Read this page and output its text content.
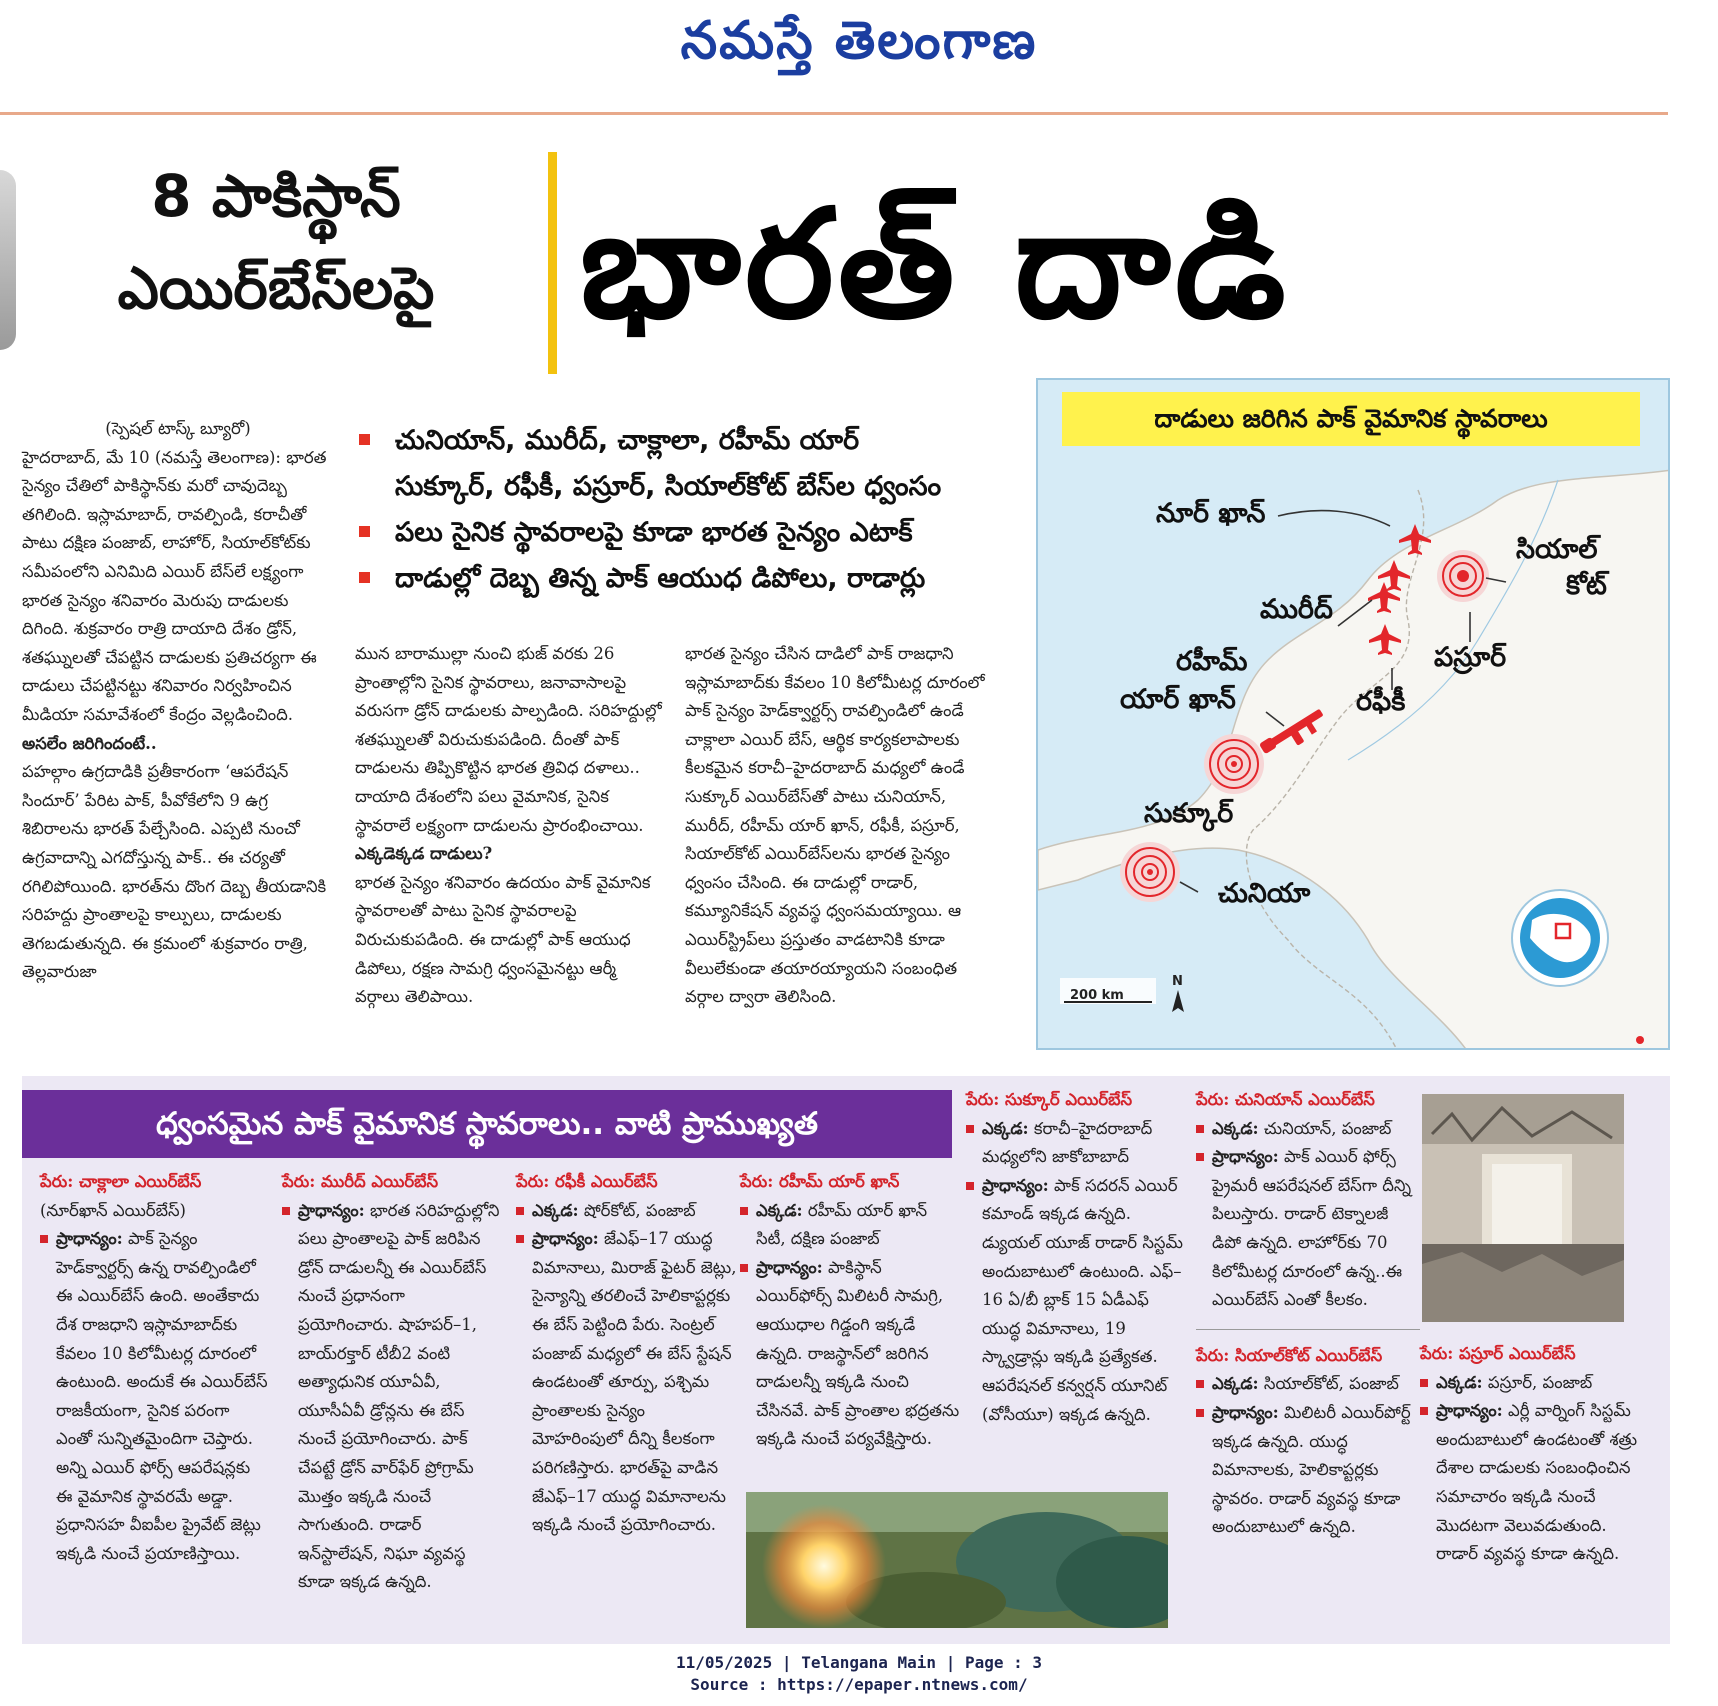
నమస్తే తెలంగాణ
8 పాకిస్థాన్
ఎయిర్‌బేస్‌లపై భారత్ దాడి
చునియాన్, మురీద్, చాక్లాలా, రహీమ్ యార్
సుక్కూర్, రఫీకీ, పస్రూర్, సియాల్‌కోట్ బేస్‌ల ధ్వంసం
పలు సైనిక స్థావరాలపై కూడా భారత సైన్యం ఎటాక్
దాడుల్లో దెబ్బ తిన్న పాక్ ఆయుధ డిపోలు, రాడార్లు

(స్పెషల్ టాస్క్ బ్యూరో)

హైదరాబాద్, మే 10 (నమస్తే తెలంగాణ): భారత సైన్యం చేతిలో పాకిస్థాన్‌కు మరో చావుదెబ్బ తగిలింది. ఇస్లామాబాద్, రావల్పిండి, కరాచీతో పాటు దక్షిణ పంజాబ్, లాహోర్, సియాల్‌కోట్‌కు సమీపంలోని ఎనిమిది ఎయిర్ బేస్‌లే లక్ష్యంగా భారత సైన్యం శనివారం మెరుపు దాడులకు దిగింది. శుక్రవారం రాత్రి దాయాది దేశం డ్రోన్, శతఘ్నులతో చేపట్టిన దాడులకు ప్రతిచర్యగా ఈ దాడులు చేపట్టినట్టు శనివారం నిర్వహించిన మీడియా సమావేశంలో కేంద్రం వెల్లడించింది.

అసలేం జరిగిందంటే..

పహల్గాం ఉగ్రదాడికి ప్రతీకారంగా ‘ఆపరేషన్ సిందూర్’ పేరిట పాక్, పీవోకేలోని 9 ఉగ్ర శిబిరాలను భారత్ పేల్చేసింది. ఎప్పటి నుంచో ఉగ్రవాదాన్ని ఎగదోస్తున్న పాక్.. ఈ చర్యతో రగిలిపోయింది. భారత్‌ను దొంగ దెబ్బ తీయడానికి సరిహద్దు ప్రాంతాలపై కాల్పులు, దాడులకు తెగబడుతున్నది. ఈ క్రమంలో శుక్రవారం రాత్రి, తెల్లవారుజా

మున బారాముల్లా నుంచి భుజ్ వరకు 26 ప్రాంతాల్లోని సైనిక స్థావరాలు, జనావాసాలపై వరుసగా డ్రోన్ దాడులకు పాల్పడింది. సరిహద్దుల్లో శతఘ్నులతో విరుచుకుపడింది. దీంతో పాక్ దాడులను తిప్పికొట్టిన భారత త్రివిధ దళాలు.. దాయాది దేశంలోని పలు వైమానిక, సైనిక స్థావరాలే లక్ష్యంగా దాడులను ప్రారంభించాయి.

ఎక్కడెక్కడ దాడులు?

భారత సైన్యం శనివారం ఉదయం పాక్ వైమానిక స్థావరాలతో పాటు సైనిక స్థావరాలపై విరుచుకుపడింది. ఈ దాడుల్లో పాక్ ఆయుధ డిపోలు, రక్షణ సామగ్రి ధ్వంసమైనట్టు ఆర్మీ వర్గాలు తెలిపాయి.

భారత సైన్యం చేసిన దాడిలో పాక్ రాజధాని ఇస్లామాబాద్‌కు కేవలం 10 కిలోమీటర్ల దూరంలో పాక్ సైన్యం హెడ్‌క్వార్టర్స్ రావల్పిండిలో ఉండే చాక్లాలా ఎయిర్ బేస్, ఆర్థిక కార్యకలాపాలకు కీలకమైన కరాచీ–హైదరాబాద్ మధ్యలో ఉండే సుక్కూర్ ఎయిర్‌బేస్‌తో పాటు చునియాన్, మురీద్, రహీమ్ యార్ ఖాన్, రఫీకీ, పస్రూర్, సియాల్‌కోట్ ఎయిర్‌బేస్‌లను భారత సైన్యం ధ్వంసం చేసింది. ఈ దాడుల్లో రాడార్, కమ్యూనికేషన్ వ్యవస్థ ధ్వంసమయ్యాయి. ఆ ఎయిర్‌స్ట్రిప్‌లు ప్రస్తుతం వాడటానికి కూడా వీలులేకుండా తయారయ్యాయని సంబంధిత వర్గాల ద్వారా తెలిసింది.

దాడులు జరిగిన పాక్ వైమానిక స్థావరాలు
నూర్ ఖాన్
మురీద్
సియాల్
కోట్
పస్రూర్
రఫీకీ
రహీమ్
యార్ ఖాన్
సుక్కూర్
చునియా
200 km
N
ధ్వంసమైన పాక్ వైమానిక స్థావరాలు.. వాటి ప్రాముఖ్యత
పేరు: చాక్లాలా ఎయిర్‌బేస్
(నూర్‌ఖాన్ ఎయిర్‌బేస్)
ప్రాధాన్యం: పాక్ సైన్యం హెడ్‌క్వార్టర్స్ ఉన్న రావల్పిండిలో ఈ ఎయిర్‌బేస్ ఉంది. అంతేకాదు దేశ రాజధాని ఇస్లామాబాద్‌కు కేవలం 10 కిలోమీటర్ల దూరంలో ఉంటుంది. అందుకే ఈ ఎయిర్‌బేస్ రాజకీయంగా, సైనిక పరంగా ఎంతో సున్నితమైందిగా చెప్తారు. అన్ని ఎయిర్ ఫోర్స్ ఆపరేషన్లకు ఈ వైమానిక స్థావరమే అడ్డా. ప్రధానిసహ వీఐపీల ప్రైవేట్ జెట్లు ఇక్కడి నుంచే ప్రయాణిస్తాయి.
పేరు: మురీద్ ఎయిర్‌బేస్
ప్రాధాన్యం: భారత సరిహద్దుల్లోని పలు ప్రాంతాలపై పాక్ జరిపిన డ్రోన్ దాడులన్నీ ఈ ఎయిర్‌బేస్ నుంచే ప్రధానంగా ప్రయోగించారు. షాహపర్–1, బాయ్‌రక్తార్ టీబీ2 వంటి అత్యాధునిక యూఏవీ, యూసీఏవీ డ్రోన్లను ఈ బేస్ నుంచే ప్రయోగించారు. పాక్ చేపట్టే డ్రోన్ వార్‌ఫేర్ ప్రోగ్రామ్ మొత్తం ఇక్కడి నుంచే సాగుతుంది. రాడార్ ఇన్‌స్టాలేషన్, నిఘా వ్యవస్థ కూడా ఇక్కడ ఉన్నది.
పేరు: రఫీకీ ఎయిర్‌బేస్
ఎక్కడ: షోర్‌కోట్, పంజాబ్
ప్రాధాన్యం: జేఎఫ్–17 యుద్ధ విమానాలు, మిరాజ్ ఫైటర్ జెట్లు, సైన్యాన్ని తరలించే హెలికాప్టర్లకు ఈ బేస్ పెట్టింది పేరు. సెంట్రల్ పంజాబ్ మధ్యలో ఈ బేస్ స్టేషన్ ఉండటంతో తూర్పు, పశ్చిమ ప్రాంతాలకు సైన్యం మోహరింపులో దీన్ని కీలకంగా పరిగణిస్తారు. భారత్‌పై వాడిన జేఎఫ్–17 యుద్ధ విమానాలను ఇక్కడి నుంచే ప్రయోగించారు.
పేరు: రహీమ్ యార్ ఖాన్
ఎక్కడ: రహీమ్ యార్ ఖాన్ సిటీ, దక్షిణ పంజాబ్
ప్రాధాన్యం: పాకిస్థాన్ ఎయిర్‌ఫోర్స్ మిలిటరీ సామగ్రి, ఆయుధాల గిడ్డంగి ఇక్కడే ఉన్నది. రాజస్థాన్‌లో జరిగిన దాడులన్నీ ఇక్కడి నుంచి చేసినవే. పాక్ ప్రాంతాల భద్రతను ఇక్కడి నుంచే పర్యవేక్షిస్తారు.
పేరు: సుక్కూర్ ఎయిర్‌బేస్
ఎక్కడ: కరాచీ–హైదరాబాద్ మధ్యలోని జాకోబాబాద్
ప్రాధాన్యం: పాక్ సదరన్ ఎయిర్ కమాండ్ ఇక్కడ ఉన్నది. డ్యుయల్ యూజ్ రాడార్ సిస్టమ్ అందుబాటులో ఉంటుంది. ఎఫ్–16 ఏ/బీ బ్లాక్ 15 ఏడీఎఫ్ యుద్ధ విమానాలు, 19 స్క్వాడ్రాన్లు ఇక్కడి ప్రత్యేకత. ఆపరేషనల్ కన్వర్షన్ యూనిట్ (వోసీయూ) ఇక్కడ ఉన్నది.
పేరు: చునియాన్ ఎయిర్‌బేస్
ఎక్కడ: చునియాన్, పంజాబ్
ప్రాధాన్యం: పాక్ ఎయిర్ ఫోర్స్ ప్రైమరీ ఆపరేషనల్ బేస్‌గా దీన్ని పిలుస్తారు. రాడార్ టెక్నాలజీ డిపో ఉన్నది. లాహోర్‌కు 70 కిలోమీటర్ల దూరంలో ఉన్న..ఈ ఎయిర్‌బేస్ ఎంతో కీలకం.
పేరు: సియాల్‌కోట్ ఎయిర్‌బేస్
ఎక్కడ: సియాల్‌కోట్, పంజాబ్
ప్రాధాన్యం: మిలిటరీ ఎయిర్‌పోర్ట్ ఇక్కడ ఉన్నది. యుద్ధ విమానాలకు, హెలికాప్టర్లకు స్థావరం. రాడార్ వ్యవస్థ కూడా అందుబాటులో ఉన్నది.
పేరు: పస్రూర్ ఎయిర్‌బేస్
ఎక్కడ: పస్రూర్, పంజాబ్
ప్రాధాన్యం: ఎర్లీ వార్నింగ్ సిస్టమ్ అందుబాటులో ఉండటంతో శత్రు దేశాల దాడులకు సంబంధించిన సమాచారం ఇక్కడి నుంచే మొదటగా వెలువడుతుంది. రాడార్ వ్యవస్థ కూడా ఉన్నది.
11/05/2025 | Telangana Main | Page : 3
Source : https://epaper.ntnews.com/
